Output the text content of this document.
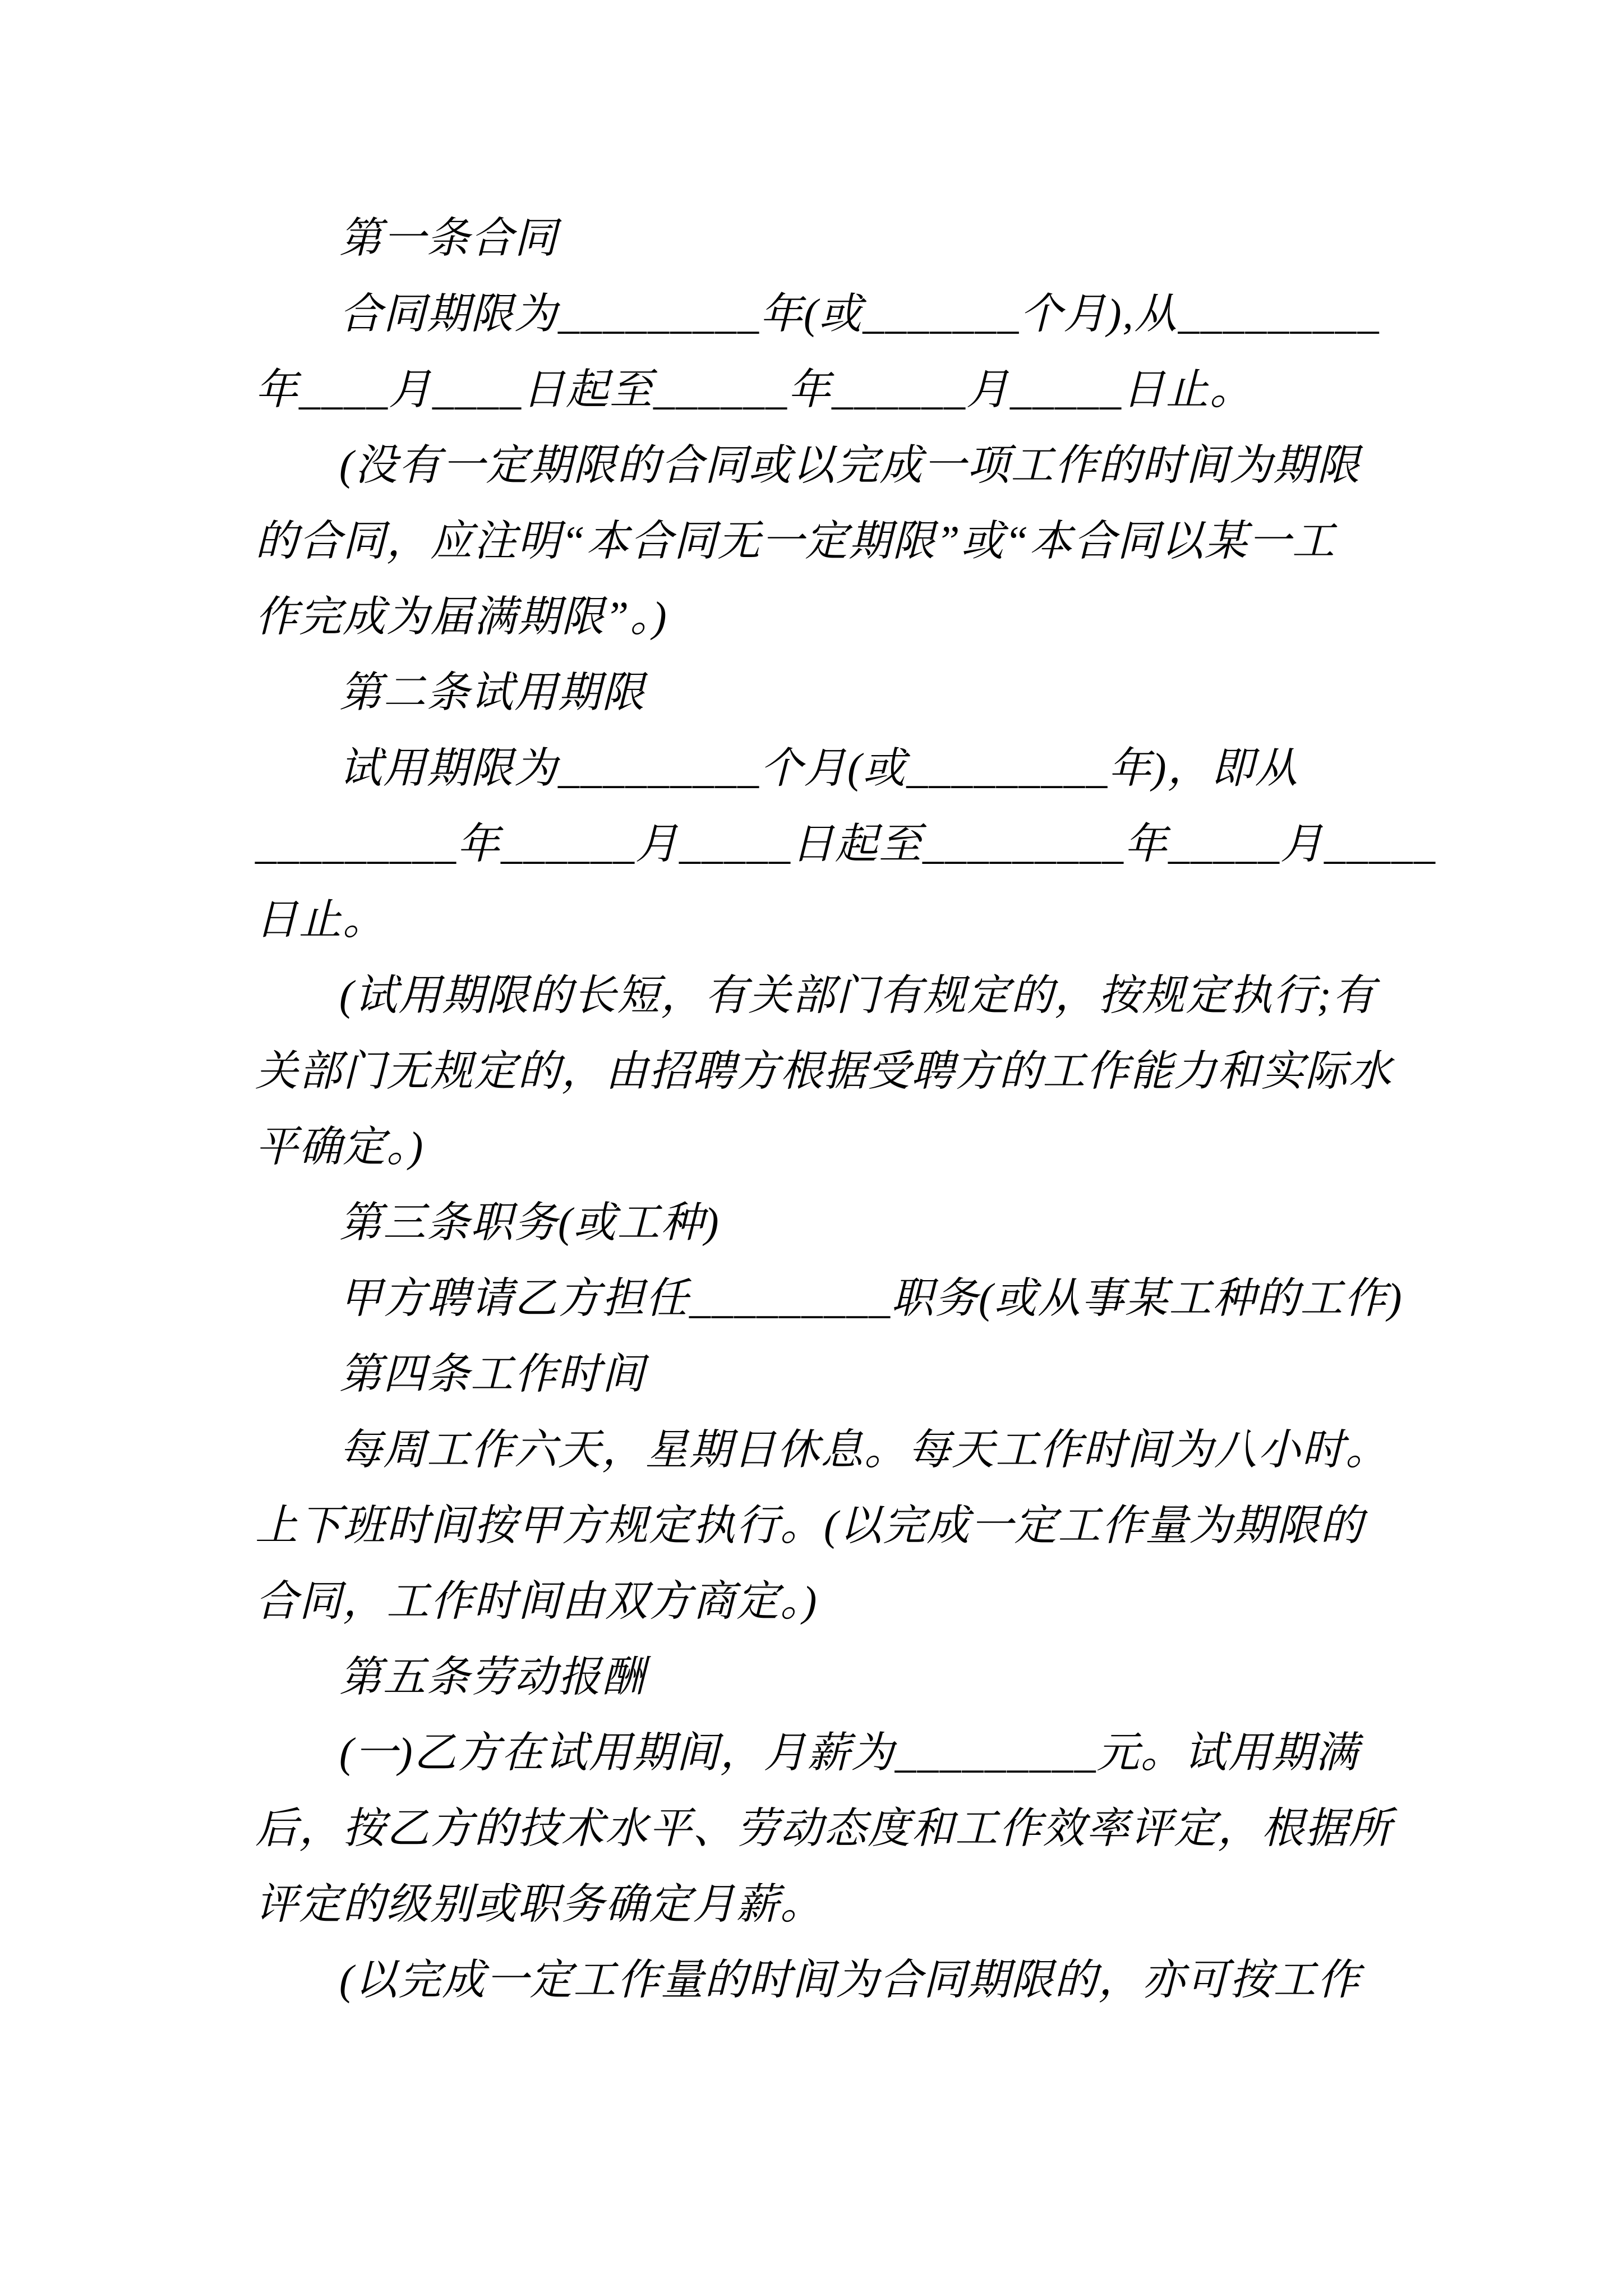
第一条合同
合同期限为_________年(或_______个月),从_________
年____月____日起至______年______月_____日止。
(没有一定期限的合同或以完成一项工作的时间为期限
的合同，应注明“本合同无一定期限”或“本合同以某一工
作完成为届满期限”。)
第二条试用期限
试用期限为_________个月(或_________年)，即从
_________年______月_____日起至_________年_____月_____
日止。
(试用期限的长短，有关部门有规定的，按规定执行;有
关部门无规定的，由招聘方根据受聘方的工作能力和实际水
平确定。)
第三条职务(或工种)
甲方聘请乙方担任_________职务(或从事某工种的工作)
第四条工作时间
每周工作六天，星期日休息。每天工作时间为八小时。
上下班时间按甲方规定执行。(以完成一定工作量为期限的
合同，工作时间由双方商定。)
第五条劳动报酬
(一)乙方在试用期间，月薪为_________元。试用期满
后，按乙方的技术水平、劳动态度和工作效率评定，根据所
评定的级别或职务确定月薪。
(以完成一定工作量的时间为合同期限的，亦可按工作
